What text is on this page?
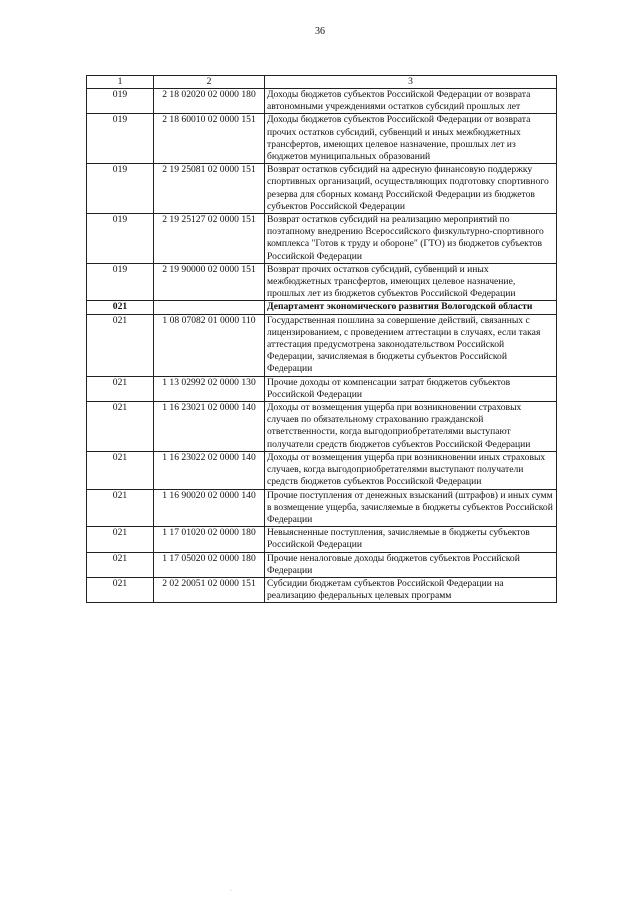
36
1	2	3
019	2 18 02020 02 0000 180	Доходы бюджетов субъектов Российской Федерации от возврата автономными учреждениями остатков субсидий прошлых лет
019	2 18 60010 02 0000 151	Доходы бюджетов субъектов Российской Федерации от возврата прочих остатков субсидий, субвенций и иных межбюджетных трансфертов, имеющих целевое назначение, прошлых лет из бюджетов муниципальных образований
019	2 19 25081 02 0000 151	Возврат остатков субсидий на адресную финансовую поддержку спортивных организаций, осуществляющих подготовку спортивного резерва для сборных команд Российской Федерации из бюджетов субъектов Российской Федерации
019	2 19 25127 02 0000 151	Возврат остатков субсидий на реализацию мероприятий по поэтапному внедрению Всероссийского физкультурно-спортивного комплекса "Готов к труду и обороне" (ГТО) из бюджетов субъектов Российской Федерации
019	2 19 90000 02 0000 151	Возврат прочих остатков субсидий, субвенций и иных межбюджетных трансфертов, имеющих целевое назначение, прошлых лет из бюджетов субъектов Российской Федерации
021		Департамент экономического развития Вологодской области
021	1 08 07082 01 0000 110	Государственная пошлина за совершение действий, связанных с лицензированием, с проведением аттестации в случаях, если такая аттестация предусмотрена законодательством Российской Федерации, зачисляемая в бюджеты субъектов Российской Федерации
021	1 13 02992 02 0000 130	Прочие доходы от компенсации затрат бюджетов субъектов Российской Федерации
021	1 16 23021 02 0000 140	Доходы от возмещения ущерба при возникновении страховых случаев по обязательному страхованию гражданской ответственности, когда выгодоприобретателями выступают получатели средств бюджетов субъектов Российской Федерации
021	1 16 23022 02 0000 140	Доходы от возмещения ущерба при возникновении иных страховых случаев, когда выгодоприобретателями выступают получатели средств бюджетов субъектов Российской Федерации
021	1 16 90020 02 0000 140	Прочие поступления от денежных взысканий (штрафов) и иных сумм в возмещение ущерба, зачисляемые в бюджеты субъектов Российской Федерации
021	1 17 01020 02 0000 180	Невыясненные поступления, зачисляемые в бюджеты субъектов Российской Федерации
021	1 17 05020 02 0000 180	Прочие неналоговые доходы бюджетов субъектов Российской Федерации
021	2 02 20051 02 0000 151	Субсидии бюджетам субъектов Российской Федерации на реализацию федеральных целевых программ
·
